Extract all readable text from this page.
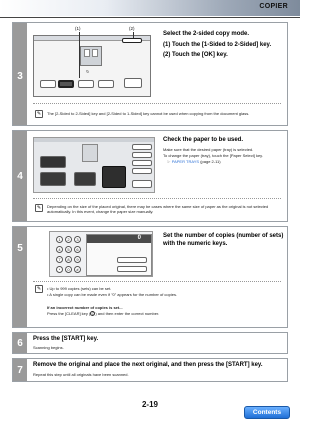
COPIER
3	↻
(1)	(2)
Select the 2-sided copy mode.
(1) Touch the [1-Sided to 2-Sided] key.
(2) Touch the [OK] key.
✎	The [2-Sided to 2-Sided] key and [2-Sided to 1-Sided] key cannot be used when copying from the document glass.
4
Check the paper to be used.
Make sure that the desired paper (tray) is selected.
To change the paper (tray), touch the [Paper Select] key.
☞ PAPER TRAYS (page 2-11)
✎	Depending on the size of the placed original, there may be cases where the same size of paper as the original is not selected automatically. In this event, change the paper size manually.
5
1	2	3
4	5	6
7	8	9
*	0	#
0	Set the number of copies (number of sets) with the numeric keys.
✎	• Up to 999 copies (sets) can be set.
• A single copy can be made even if "0" appears for the number of copies.
If an incorrect number of copies is set...
Press the [CLEAR] key (C) and then enter the correct number.
6	Press the [START] key.
Scanning begins.
7	Remove the original and place the next original, and then press the [START] key.
Repeat this step until all originals have been scanned.
2-19
Contents
